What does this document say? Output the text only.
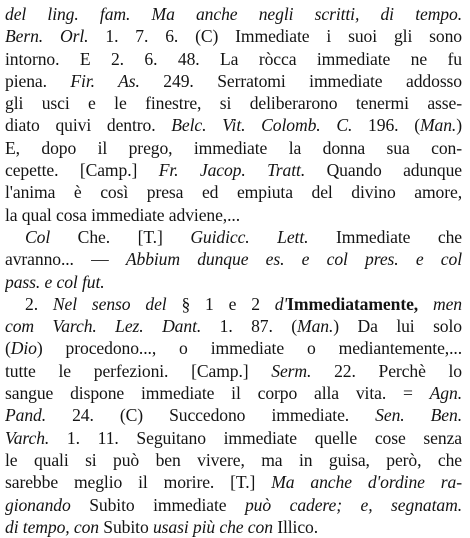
del ling. fam. Ma anche negli scritti, di tempo.
Bern. Orl. 1. 7. 6. (C) Immediate i suoi gli sono
intorno. E 2. 6. 48. La ròcca immediate ne fu
piena. Fir. As. 249. Serratomi immediate addosso
gli usci e le finestre, si deliberarono tenermi asse-
diato quivi dentro. Belc. Vit. Colomb. C. 196. (Man.)
E, dopo il prego, immediate la donna sua con-
cepette. [Camp.] Fr. Jacop. Tratt. Quando adunque
l'anima è così presa ed empiuta del divino amore,
la qual cosa immediate adviene,...
Col Che. [T.] Guidicc. Lett. Immediate che
avranno... — Abbium dunque es. e col pres. e col
pass. e col fut.
2. Nel senso del § 1 e 2 d'Immediatamente, men
com Varch. Lez. Dant. 1. 87. (Man.) Da lui solo
(Dio) procedono..., o immediate o mediantemente,...
tutte le perfezioni. [Camp.] Serm. 22. Perchè lo
sangue dispone immediate il corpo alla vita. = Agn.
Pand. 24. (C) Succedono immediate. Sen. Ben.
Varch. 1. 11. Seguitano immediate quelle cose senza
le quali si può ben vivere, ma in guisa, però, che
sarebbe meglio il morire. [T.] Ma anche d'ordine ra-
gionando Subito immediate può cadere; e, segnatam.
di tempo, con Subito usasi più che con Illico.
